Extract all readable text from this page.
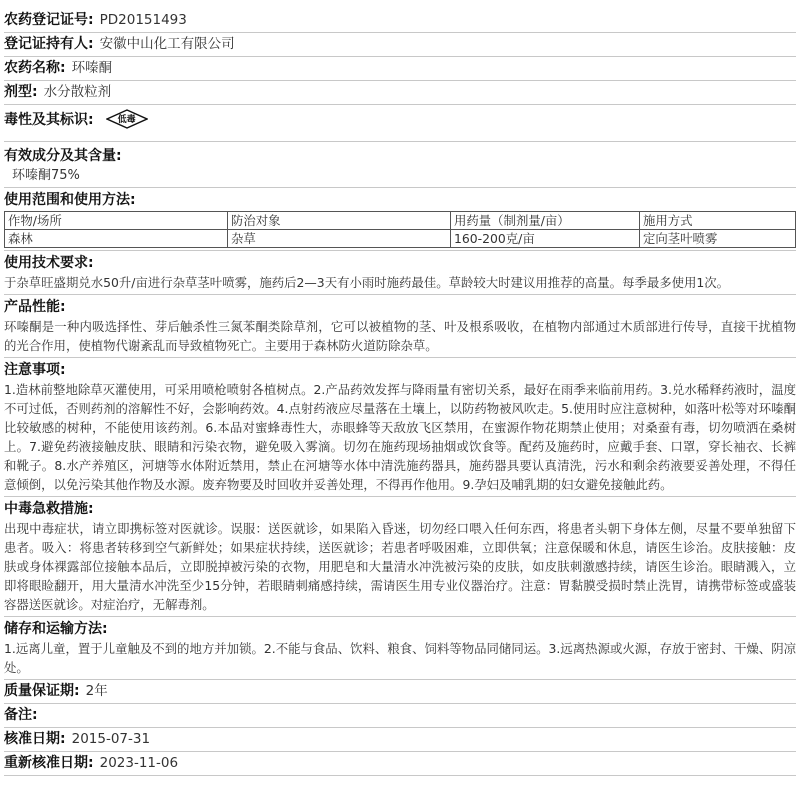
农药登记证号: PD20151493
登记证持有人: 安徽中山化工有限公司
农药名称: 环嗪酮
剂型: 水分散粒剂
毒性及其标识:	低毒
有效成分及其含量:
环嗪酮75%
使用范围和使用方法:
作物/场所	防治对象	用药量（制剂量/亩）	施用方式
森林	杂草	160-200克/亩	定向茎叶喷雾
使用技术要求:

于杂草旺盛期兑水50升/亩进行杂草茎叶喷雾，施药后2—3天有小雨时施药最佳。草龄较大时建议用推荐的高量。每季最多使用1次。

产品性能:

环嗪酮是一种内吸选择性、芽后触杀性三氮苯酮类除草剂，它可以被植物的茎、叶及根系吸收，在植物内部通过木质部进行传导，直接干扰植物的光合作用，使植物代谢紊乱而导致植物死亡。主要用于森林防火道防除杂草。

注意事项:

1.造林前整地除草灭灌使用，可采用喷枪喷射各植树点。2.产品药效发挥与降雨量有密切关系，最好在雨季来临前用药。3.兑水稀释药液时，温度不可过低，否则药剂的溶解性不好，会影响药效。4.点射药液应尽量落在土壤上，以防药物被风吹走。5.使用时应注意树种，如落叶松等对环嗪酮比较敏感的树种，不能使用该药剂。6.本品对蜜蜂毒性大，赤眼蜂等天敌放飞区禁用，在蜜源作物花期禁止使用；对桑蚕有毒，切勿喷洒在桑树上。7.避免药液接触皮肤、眼睛和污染衣物，避免吸入雾滴。切勿在施药现场抽烟或饮食等。配药及施药时，应戴手套、口罩，穿长袖衣、长裤和靴子。8.水产养殖区，河塘等水体附近禁用，禁止在河塘等水体中清洗施药器具，施药器具要认真清洗，污水和剩余药液要妥善处理，不得任意倾倒，以免污染其他作物及水源。废弃物要及时回收并妥善处理，不得再作他用。9.孕妇及哺乳期的妇女避免接触此药。

中毒急救措施:

出现中毒症状，请立即携标签对医就诊。误服：送医就诊，如果陷入昏迷，切勿经口喂入任何东西，将患者头朝下身体左侧，尽量不要单独留下患者。吸入：将患者转移到空气新鲜处；如果症状持续，送医就诊；若患者呼吸困难，立即供氧；注意保暖和休息，请医生诊治。皮肤接触：皮肤或身体裸露部位接触本品后，立即脱掉被污染的衣物，用肥皂和大量清水冲洗被污染的皮肤，如皮肤刺激感持续，请医生诊治。眼睛溅入，立即将眼睑翻开，用大量清水冲洗至少15分钟，若眼睛刺痛感持续，需请医生用专业仪器治疗。注意：胃黏膜受损时禁止洗胃，请携带标签或盛装容器送医就诊。对症治疗，无解毒剂。

储存和运输方法:

1.远离儿童，置于儿童触及不到的地方并加锁。2.不能与食品、饮料、粮食、饲料等物品同储同运。3.远离热源或火源，存放于密封、干燥、阴凉处。

质量保证期: 2年
备注:
核准日期: 2015-07-31
重新核准日期: 2023-11-06
